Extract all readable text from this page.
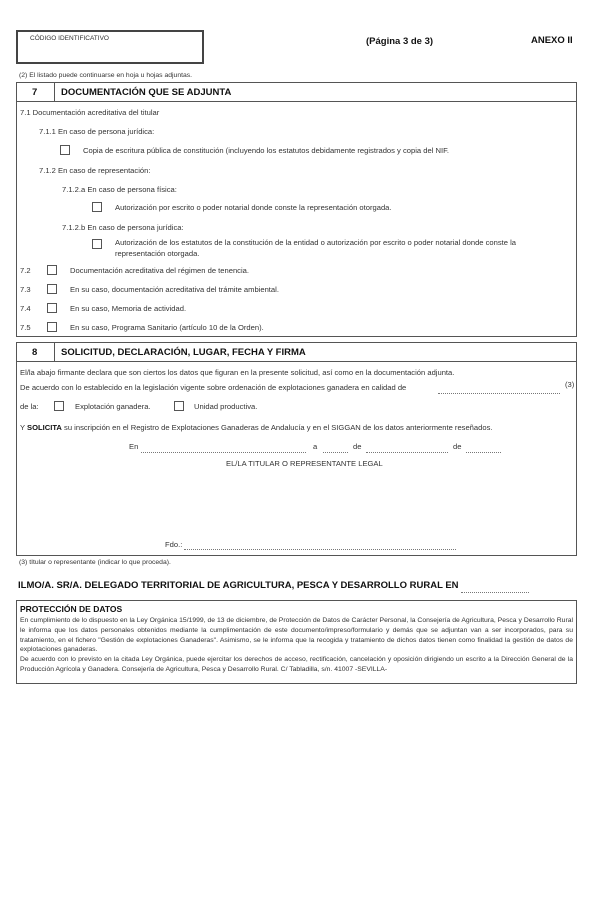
CÓDIGO IDENTIFICATIVO	(Página 3 de 3)	ANEXO II
(2) El listado puede continuarse en hoja u hojas adjuntas.
7 DOCUMENTACIÓN QUE SE ADJUNTA
7.1 Documentación acreditativa del titular
7.1.1 En caso de persona jurídica:
Copia de escritura pública de constitución (incluyendo los estatutos debidamente registrados y copia del NIF.
7.1.2 En caso de representación:
7.1.2.a En caso de persona física:
Autorización por escrito o poder notarial donde conste la representación otorgada.
7.1.2.b En caso de persona jurídica:
Autorización de los estatutos de la constitución de la entidad o autorización por escrito o poder notarial donde conste la representación otorgada.
7.2	Documentación acreditativa del régimen de tenencia.
7.3	En su caso, documentación acreditativa del trámite ambiental.
7.4	En su caso, Memoria de actividad.
7.5	En su caso, Programa Sanitario (artículo 10 de la Orden).
8 SOLICITUD, DECLARACIÓN, LUGAR, FECHA Y FIRMA
El/la abajo firmante declara que son ciertos los datos que figuran en la presente solicitud, así como en la documentación adjunta.
De acuerdo con lo establecido en la legislación vigente sobre ordenación de explotaciones ganadera en calidad de	(3)
de la:	Explotación ganadera.	Unidad productiva.
Y SOLICITA su inscripción en el Registro de Explotaciones Ganaderas de Andalucía y en el SIGGAN de los datos anteriormente reseñados.
En	a	de	de
EL/LA TITULAR O REPRESENTANTE LEGAL
Fdo.:
(3) tItular o representante (indicar lo que proceda).
ILMO/A. SR/A. DELEGADO TERRITORIAL DE AGRICULTURA, PESCA Y DESARROLLO RURAL EN
PROTECCIÓN DE DATOS
En cumplimiento de lo dispuesto en la Ley Orgánica 15/1999, de 13 de diciembre, de Protección de Datos de Carácter Personal, la Consejería de Agricultura, Pesca y Desarrollo Rural le informa que los datos personales obtenidos mediante la cumplimentación de este documento/impreso/formulario y demás que se adjuntan van a ser incorporados, para su tratamiento, en el fichero "Gestión de explotaciones Ganaderas". Asimismo, se le informa que la recogida y tratamiento de dichos datos tienen como finalidad la gestión de datos de explotaciones ganaderas.
De acuerdo con lo previsto en la citada Ley Orgánica, puede ejercitar los derechos de acceso, rectificación, cancelación y oposición dirigiendo un escrito a la Dirección General de la Producción Agrícola y Ganadera. Consejería de Agricultura, Pesca y Desarrollo Rural. C/ Tabladilla, s/n. 41007 -SEVILLA-
